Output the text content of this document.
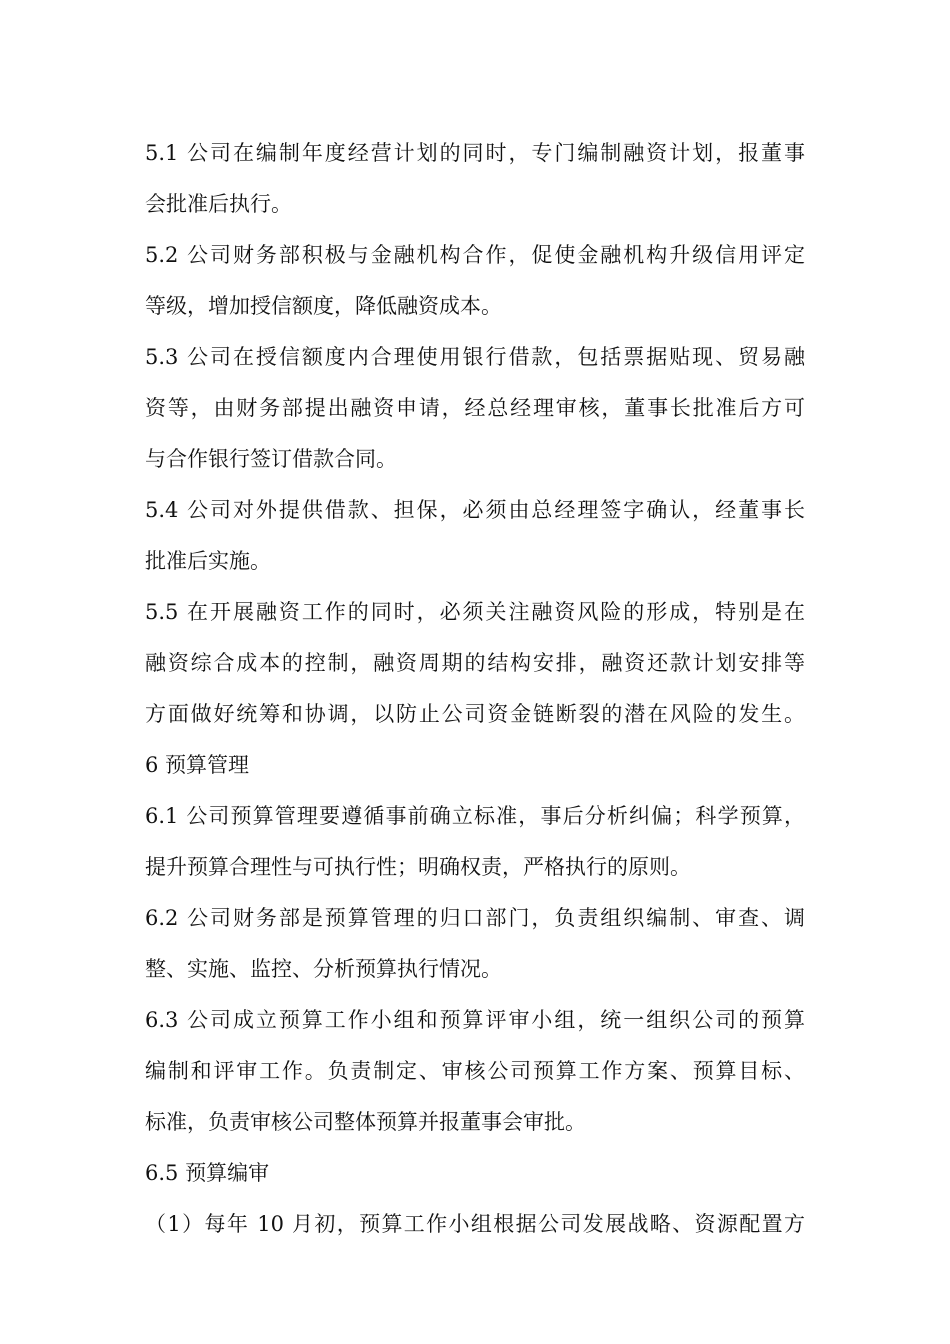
5.1 公司在编制年度经营计划的同时，专门编制融资计划，报董事
会批准后执行。
5.2 公司财务部积极与金融机构合作，促使金融机构升级信用评定
等级，增加授信额度，降低融资成本。
5.3 公司在授信额度内合理使用银行借款，包括票据贴现、贸易融
资等，由财务部提出融资申请，经总经理审核，董事长批准后方可
与合作银行签订借款合同。
5.4 公司对外提供借款、担保，必须由总经理签字确认，经董事长
批准后实施。
5.5 在开展融资工作的同时，必须关注融资风险的形成，特别是在
融资综合成本的控制，融资周期的结构安排，融资还款计划安排等
方面做好统筹和协调，以防止公司资金链断裂的潜在风险的发生。
6 预算管理
6.1 公司预算管理要遵循事前确立标准，事后分析纠偏；科学预算，
提升预算合理性与可执行性；明确权责，严格执行的原则。
6.2 公司财务部是预算管理的归口部门，负责组织编制、审查、调
整、实施、监控、分析预算执行情况。
6.3 公司成立预算工作小组和预算评审小组，统一组织公司的预算
编制和评审工作。负责制定、审核公司预算工作方案、预算目标、
标准，负责审核公司整体预算并报董事会审批。
6.5 预算编审
（1）每年 10 月初，预算工作小组根据公司发展战略、资源配置方
